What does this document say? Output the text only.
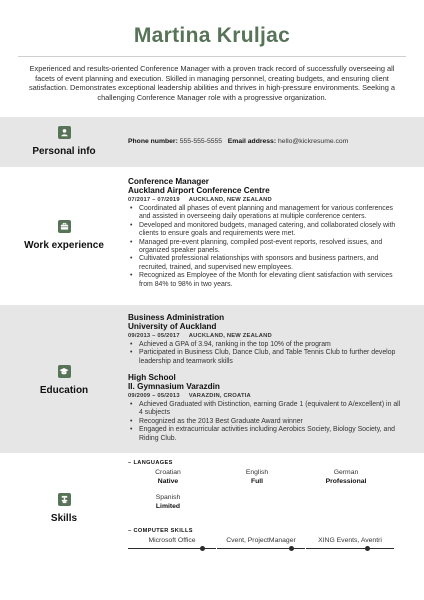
Martina Kruljac
Experienced and results-oriented Conference Manager with a proven track record of successfully overseeing all facets of event planning and execution. Skilled in managing personnel, creating budgets, and ensuring client satisfaction. Demonstrates exceptional leadership abilities and thrives in high-pressure environments. Seeking a challenging Conference Manager role with a progressive organization.
Personal info
Phone number: 555-555-5555 Email address: hello@kickresume.com
Work experience
Conference Manager
Auckland Airport Conference Centre
07/2017 – 07/2019 AUCKLAND, NEW ZEALAND
• Coordinated all phases of event planning and management for various conferences and assisted in overseeing daily operations at multiple conference centers.
• Developed and monitored budgets, managed catering, and collaborated closely with clients to ensure goals and requirements were met.
• Managed pre-event planning, compiled post-event reports, resolved issues, and organized speaker panels.
• Cultivated professional relationships with sponsors and business partners, and recruited, trained, and supervised new employees.
• Recognized as Employee of the Month for elevating client satisfaction with services from 84% to 98% in two years.
Education
Business Administration
University of Auckland
09/2013 – 05/2017 AUCKLAND, NEW ZEALAND
• Achieved a GPA of 3.94, ranking in the top 10% of the program
• Participated in Business Club, Dance Club, and Table Tennis Club to further develop leadership and teamwork skills
High School
II. Gymnasium Varazdin
09/2009 – 05/2013 VARAZDIN, CROATIA
• Achieved Graduated with Distinction, earning Grade 1 (equivalent to A/excellent) in all 4 subjects
• Recognized as the 2013 Best Graduate Award winner
• Engaged in extracurricular activities including Aerobics Society, Biology Society, and Riding Club.
Skills
– LANGUAGES
Croatian
Native
English
Full
German
Professional
Spanish
Limited
– COMPUTER SKILLS
Microsoft Office	Cvent, ProjectManager	XING Events, Aventri
